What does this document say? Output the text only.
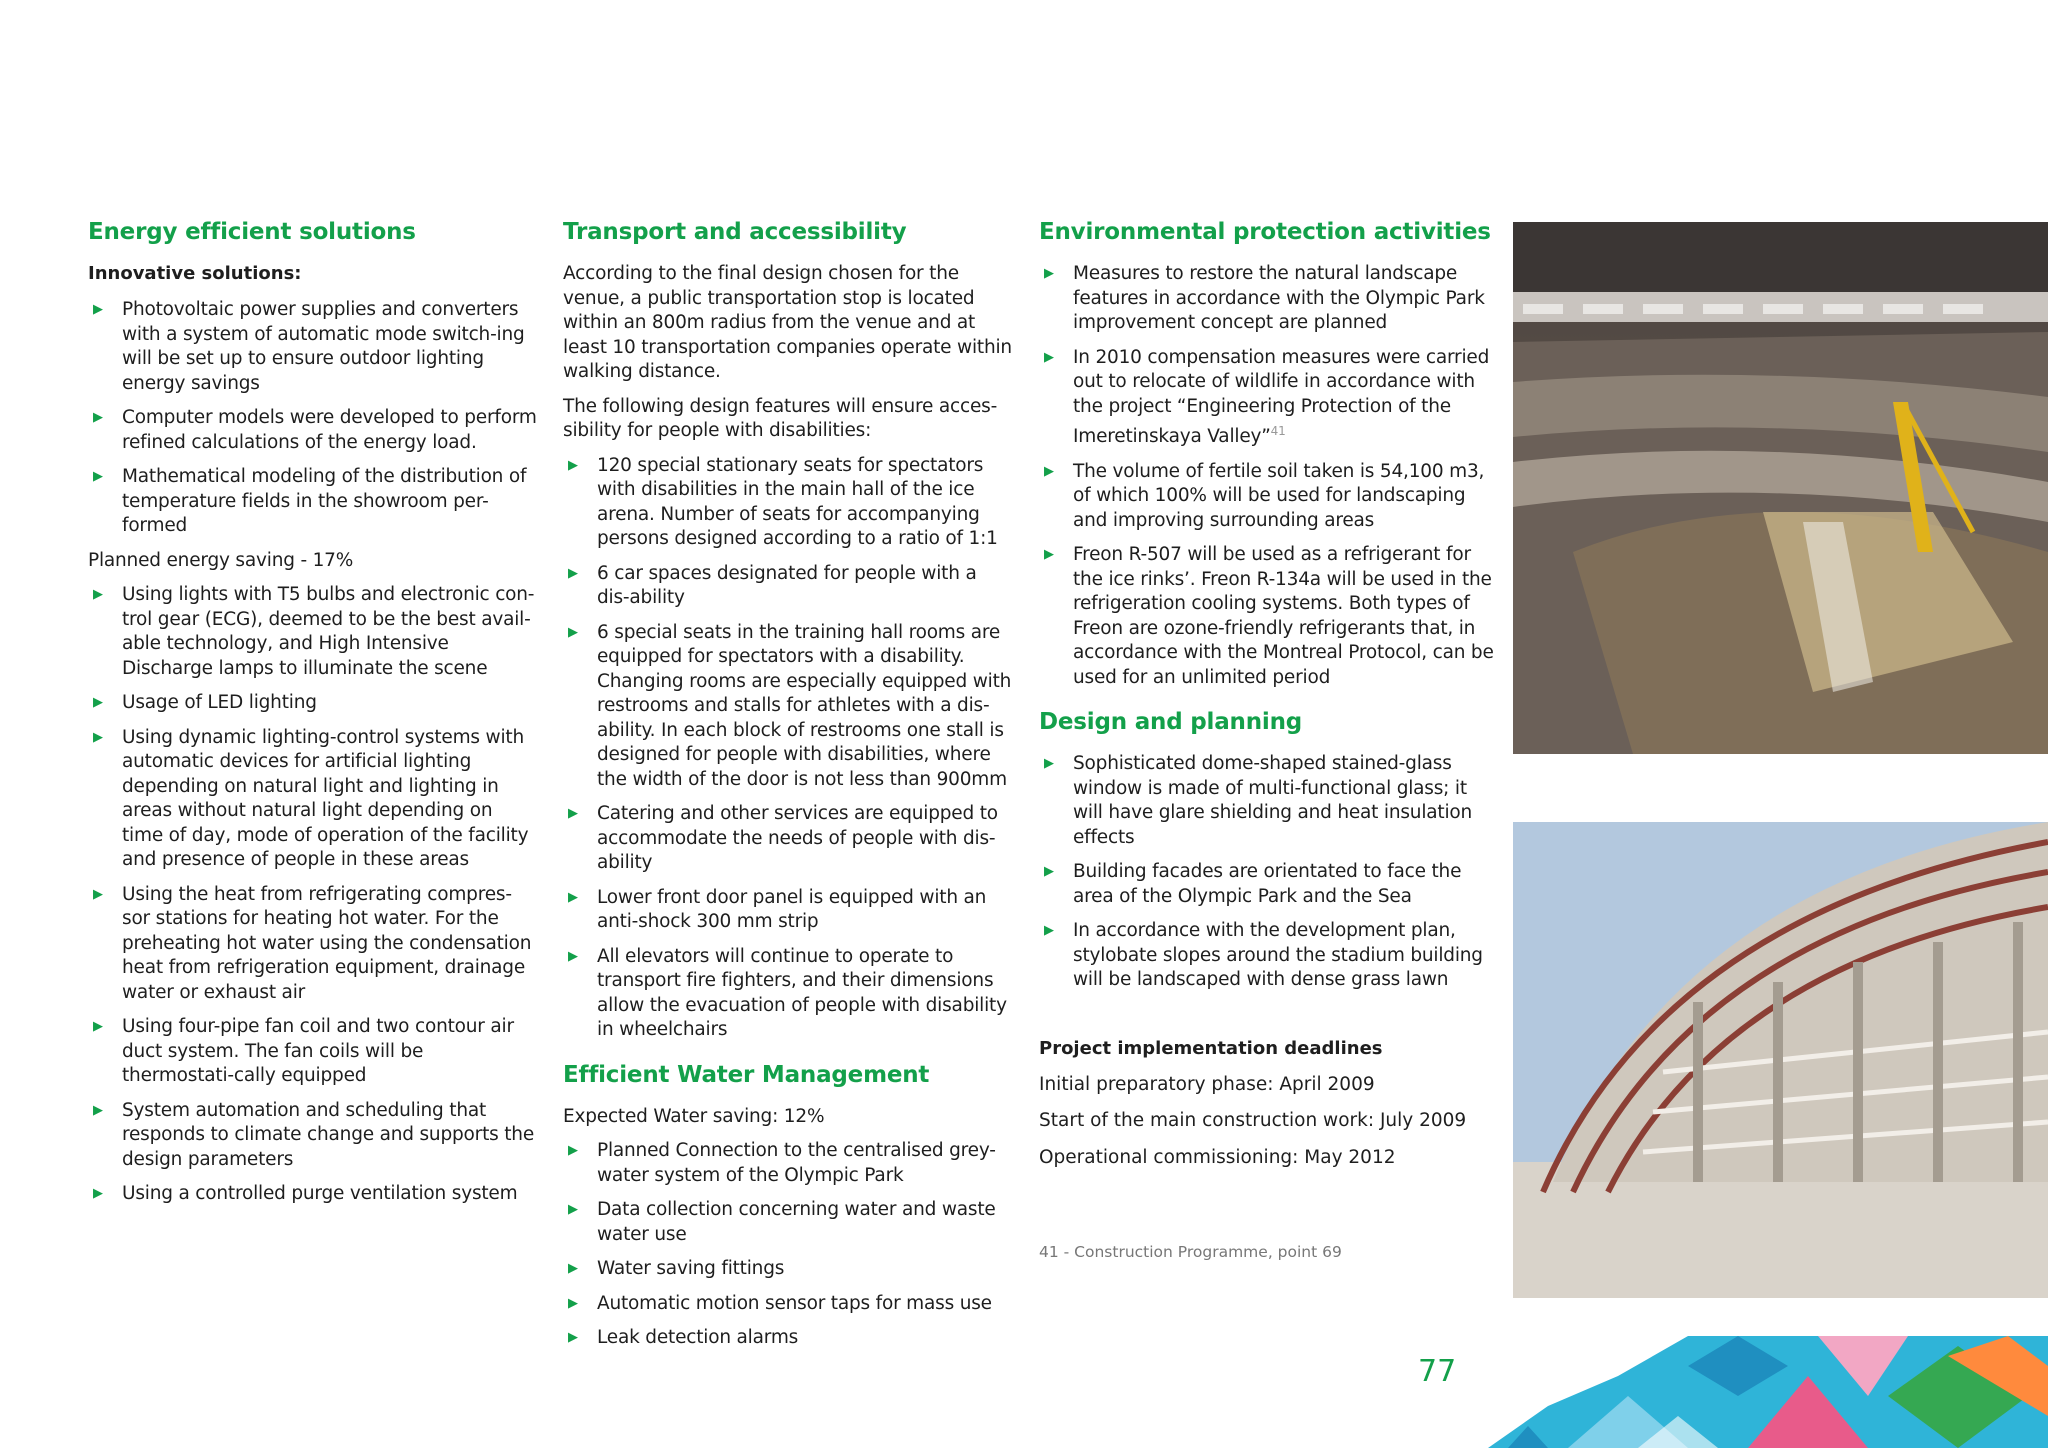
Energy efficient solutions
Innovative solutions:
▶ Photovoltaic power supplies and converters with a system of automatic mode switch-ing will be set up to ensure outdoor lighting energy savings
▶ Computer models were developed to perform refined calculations of the energy load.
▶ Mathematical modeling of the distribution of temperature fields in the showroom per-formed

Planned energy saving - 17%

▶ Using lights with T5 bulbs and electronic con-trol gear (ECG), deemed to be the best avail-able technology, and High Intensive Discharge lamps to illuminate the scene
▶ Usage of LED lighting
▶ Using dynamic lighting-control systems with automatic devices for artificial lighting depending on natural light and lighting in areas without natural light depending on time of day, mode of operation of the facility and presence of people in these areas
▶ Using the heat from refrigerating compres-sor stations for heating hot water. For the preheating hot water using the condensation heat from refrigeration equipment, drainage water or exhaust air
▶ Using four-pipe fan coil and two contour air duct system. The fan coils will be thermostati-cally equipped
▶ System automation and scheduling that responds to climate change and supports the design parameters
▶ Using a controlled purge ventilation system
Transport and accessibility

According to the final design chosen for the venue, a public transportation stop is located within an 800m radius from the venue and at least 10 transportation companies operate within walking distance.

The following design features will ensure acces-sibility for people with disabilities:

▶ 120 special stationary seats for spectators with disabilities in the main hall of the ice arena. Number of seats for accompanying persons designed according to a ratio of 1:1
▶ 6 car spaces designated for people with a dis-ability
▶ 6 special seats in the training hall rooms are equipped for spectators with a disability. Changing rooms are especially equipped with restrooms and stalls for athletes with a dis-ability. In each block of restrooms one stall is designed for people with disabilities, where the width of the door is not less than 900mm
▶ Catering and other services are equipped to accommodate the needs of people with dis-ability
▶ Lower front door panel is equipped with an anti-shock 300 mm strip
▶ All elevators will continue to operate to transport fire fighters, and their dimensions allow the evacuation of people with disability in wheelchairs
Efficient Water Management

Expected Water saving: 12%

▶ Planned Connection to the centralised grey-water system of the Olympic Park
▶ Data collection concerning water and waste water use
▶ Water saving fittings
▶ Automatic motion sensor taps for mass use
▶ Leak detection alarms
Environmental protection activities
▶ Measures to restore the natural landscape features in accordance with the Olympic Park improvement concept are planned
▶ In 2010 compensation measures were carried out to relocate of wildlife in accordance with the project “Engineering Protection of the Imeretinskaya Valley”$^{41}$
▶ The volume of fertile soil taken is 54,100 m3, of which 100% will be used for landscaping and improving surrounding areas
▶ Freon R-507 will be used as a refrigerant for the ice rinks’. Freon R-134a will be used in the refrigeration cooling systems. Both types of Freon are ozone-friendly refrigerants that, in accordance with the Montreal Protocol, can be used for an unlimited period
Design and planning
▶ Sophisticated dome-shaped stained-glass window is made of multi-functional glass; it will have glare shielding and heat insulation effects
▶ Building facades are orientated to face the area of the Olympic Park and the Sea
▶ In accordance with the development plan, stylobate slopes around the stadium building will be landscaped with dense grass lawn
Project implementation deadlines
Initial preparatory phase: April 2009
Start of the main construction work: July 2009
Operational commissioning: May 2012
41 - Construction Programme, point 69
77
